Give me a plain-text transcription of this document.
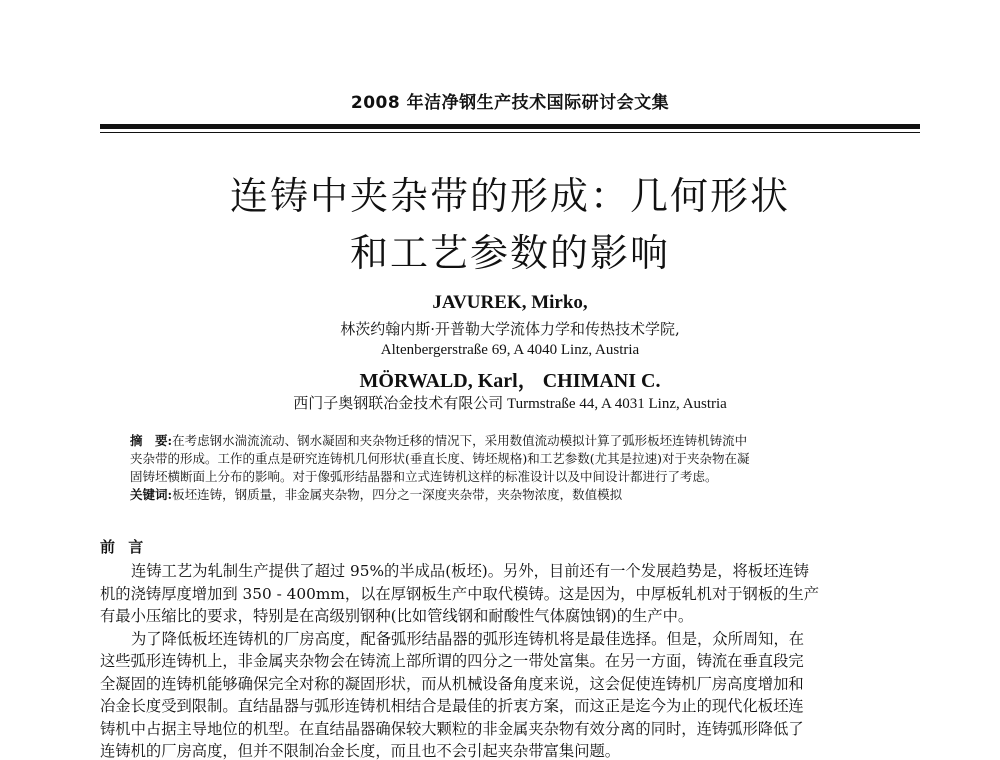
2008 年洁净钢生产技术国际研讨会文集
连铸中夹杂带的形成：几何形状
和工艺参数的影响
JAVUREK, Mirko,
林茨约翰内斯·开普勒大学流体力学和传热技术学院,
Altenbergerstraße 69, A 4040 Linz, Austria
MÖRWALD, Karl， CHIMANI C.
西门子奥钢联冶金技术有限公司 Turmstraße 44, A 4031 Linz, Austria
摘　要:在考虑钢水湍流流动、钢水凝固和夹杂物迁移的情况下，采用数值流动模拟计算了弧形板坯连铸机铸流中
夹杂带的形成。工作的重点是研究连铸机几何形状(垂直长度、铸坯规格)和工艺参数(尤其是拉速)对于夹杂物在凝
固铸坯横断面上分布的影响。对于像弧形结晶器和立式连铸机这样的标准设计以及中间设计都进行了考虑。
关键词:板坯连铸，钢质量，非金属夹杂物，四分之一深度夹杂带，夹杂物浓度，数值模拟
前 言
连铸工艺为轧制生产提供了超过 95%的半成品(板坯)。另外，目前还有一个发展趋势是，将板坯连铸
机的浇铸厚度增加到 350 - 400mm，以在厚钢板生产中取代模铸。这是因为，中厚板轧机对于钢板的生产
有最小压缩比的要求，特别是在高级别钢种(比如管线钢和耐酸性气体腐蚀钢)的生产中。
为了降低板坯连铸机的厂房高度，配备弧形结晶器的弧形连铸机将是最佳选择。但是，众所周知，在
这些弧形连铸机上，非金属夹杂物会在铸流上部所谓的四分之一带处富集。在另一方面，铸流在垂直段完
全凝固的连铸机能够确保完全对称的凝固形状，而从机械设备角度来说，这会促使连铸机厂房高度增加和
冶金长度受到限制。直结晶器与弧形连铸机相结合是最佳的折衷方案，而这正是迄今为止的现代化板坯连
铸机中占据主导地位的机型。在直结晶器确保较大颗粒的非金属夹杂物有效分离的同时，连铸弧形降低了
连铸机的厂房高度，但并不限制冶金长度，而且也不会引起夹杂带富集问题。
